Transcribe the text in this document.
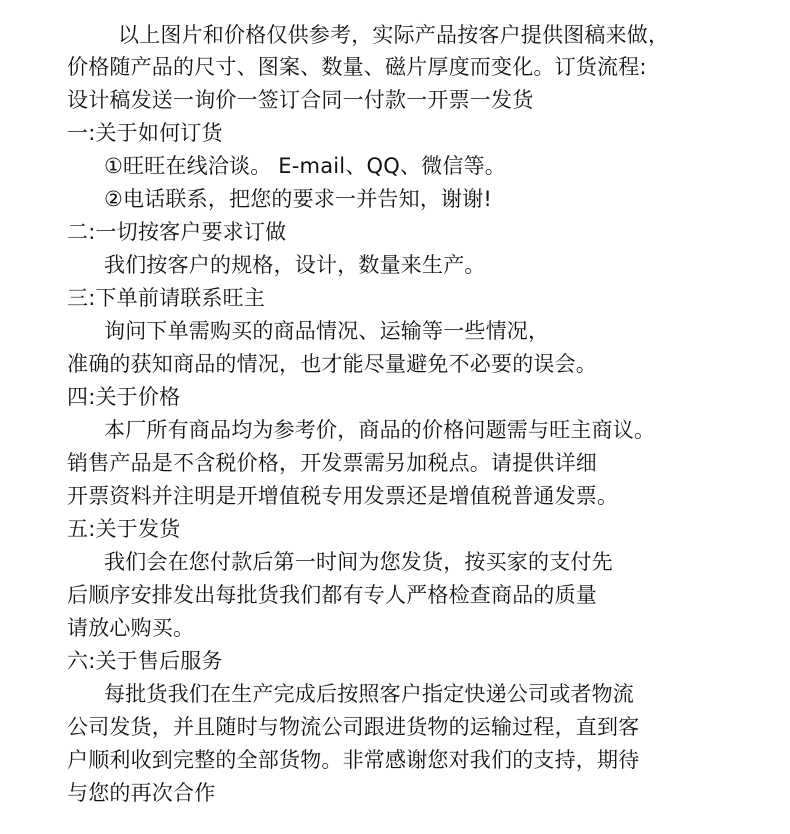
以上图片和价格仅供参考，实际产品按客户提供图稿来做，
价格随产品的尺寸、图案、数量、磁片厚度而变化。订货流程:
设计稿发送一询价一签订合同一付款一开票一发货
一:关于如何订货
①旺旺在线洽谈。 E-mail、QQ、微信等。
②电话联系，把您的要求一并告知，谢谢!
二:一切按客户要求订做
我们按客户的规格，设计，数量来生产。
三:下单前请联系旺主
询问下单需购买的商品情况、运输等一些情况，
准确的获知商品的情况，也才能尽量避免不必要的误会。
四:关于价格
本厂所有商品均为参考价，商品的价格问题需与旺主商议。
销售产品是不含税价格，开发票需另加税点。请提供详细
开票资料并注明是开增值税专用发票还是增值税普通发票。
五:关于发货
我们会在您付款后第一时间为您发货，按买家的支付先
后顺序安排发出每批货我们都有专人严格检查商品的质量
请放心购买。
六:关于售后服务
每批货我们在生产完成后按照客户指定快递公司或者物流
公司发货，并且随时与物流公司跟进货物的运输过程，直到客
户顺利收到完整的全部货物。非常感谢您对我们的支持，期待
与您的再次合作
